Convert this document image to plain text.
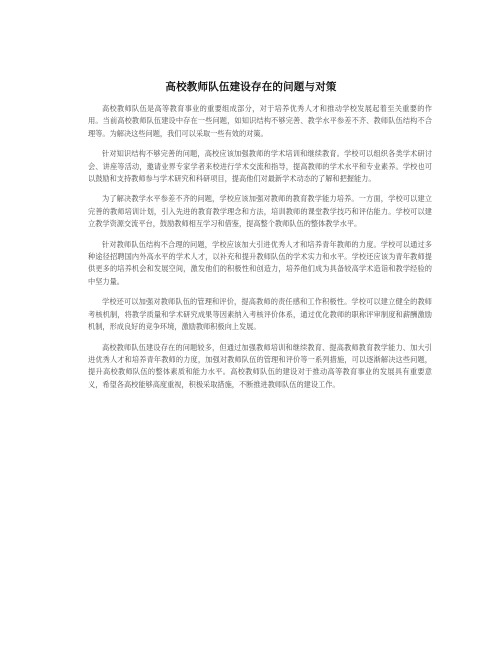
高校教师队伍建设存在的问题与对策

高校教师队伍是高等教育事业的重要组成部分，对于培养优秀人才和推动学校发展起着至关重要的作用。当前高校教师队伍建设中存在一些问题，如知识结构不够完善、教学水平参差不齐、教师队伍结构不合理等。为解决这些问题，我们可以采取一些有效的对策。

针对知识结构不够完善的问题，高校应该加强教师的学术培训和继续教育。学校可以组织各类学术研讨会、讲座等活动，邀请业界专家学者来校进行学术交流和指导，提高教师的学术水平和专业素养。学校也可以鼓励和支持教师参与学术研究和科研项目，提高他们对最新学术动态的了解和把握能力。

为了解决教学水平参差不齐的问题，学校应该加强对教师的教育教学能力培养。一方面，学校可以建立完善的教师培训计划，引入先进的教育教学理念和方法，培训教师的课堂教学技巧和评估能力。学校可以建立教学资源交流平台，鼓励教师相互学习和借鉴，提高整个教师队伍的整体教学水平。

针对教师队伍结构不合理的问题，学校应该加大引进优秀人才和培养青年教师的力度。学校可以通过多种途径招聘国内外高水平的学术人才，以补充和提升教师队伍的学术实力和水平。学校还应该为青年教师提供更多的培养机会和发展空间，激发他们的积极性和创造力，培养他们成为具备较高学术造诣和教学经验的中坚力量。

学校还可以加强对教师队伍的管理和评价，提高教师的责任感和工作积极性。学校可以建立健全的教师考核机制，将教学质量和学术研究成果等因素纳入考核评价体系，通过优化教师的职称评审制度和薪酬激励机制，形成良好的竞争环境，激励教师积极向上发展。

高校教师队伍建设存在的问题较多，但通过加强教师培训和继续教育、提高教师教育教学能力、加大引进优秀人才和培养青年教师的力度，加强对教师队伍的管理和评价等一系列措施，可以逐渐解决这些问题，提升高校教师队伍的整体素质和能力水平。高校教师队伍的建设对于推动高等教育事业的发展具有重要意义，希望各高校能够高度重视，积极采取措施，不断推进教师队伍的建设工作。
